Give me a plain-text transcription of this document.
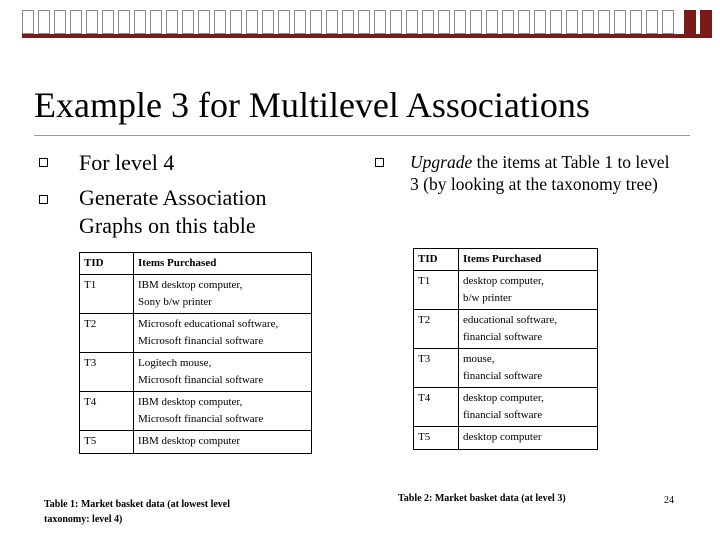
Example 3 for Multilevel Associations
For level 4
Generate Association Graphs on this table
Upgrade the items at Table 1 to level 3 (by looking at the taxonomy tree)
TID	Items Purchased
T1	IBM desktop computer,
Sony b/w printer

T2	Microsoft educational software,
Microsoft financial software

T3	Logitech mouse,
Microsoft financial software

T4	IBM desktop computer,
Microsoft financial software

T5	IBM desktop computer
Table 1: Market basket data (at lowest level
taxonomy: level 4)
TID	Items Purchased
T1	desktop computer,
b/w printer

T2	educational software,
financial software

T3	mouse,
financial software

T4	desktop computer,
financial software

T5	desktop computer
Table 2: Market basket data (at level 3)	24
